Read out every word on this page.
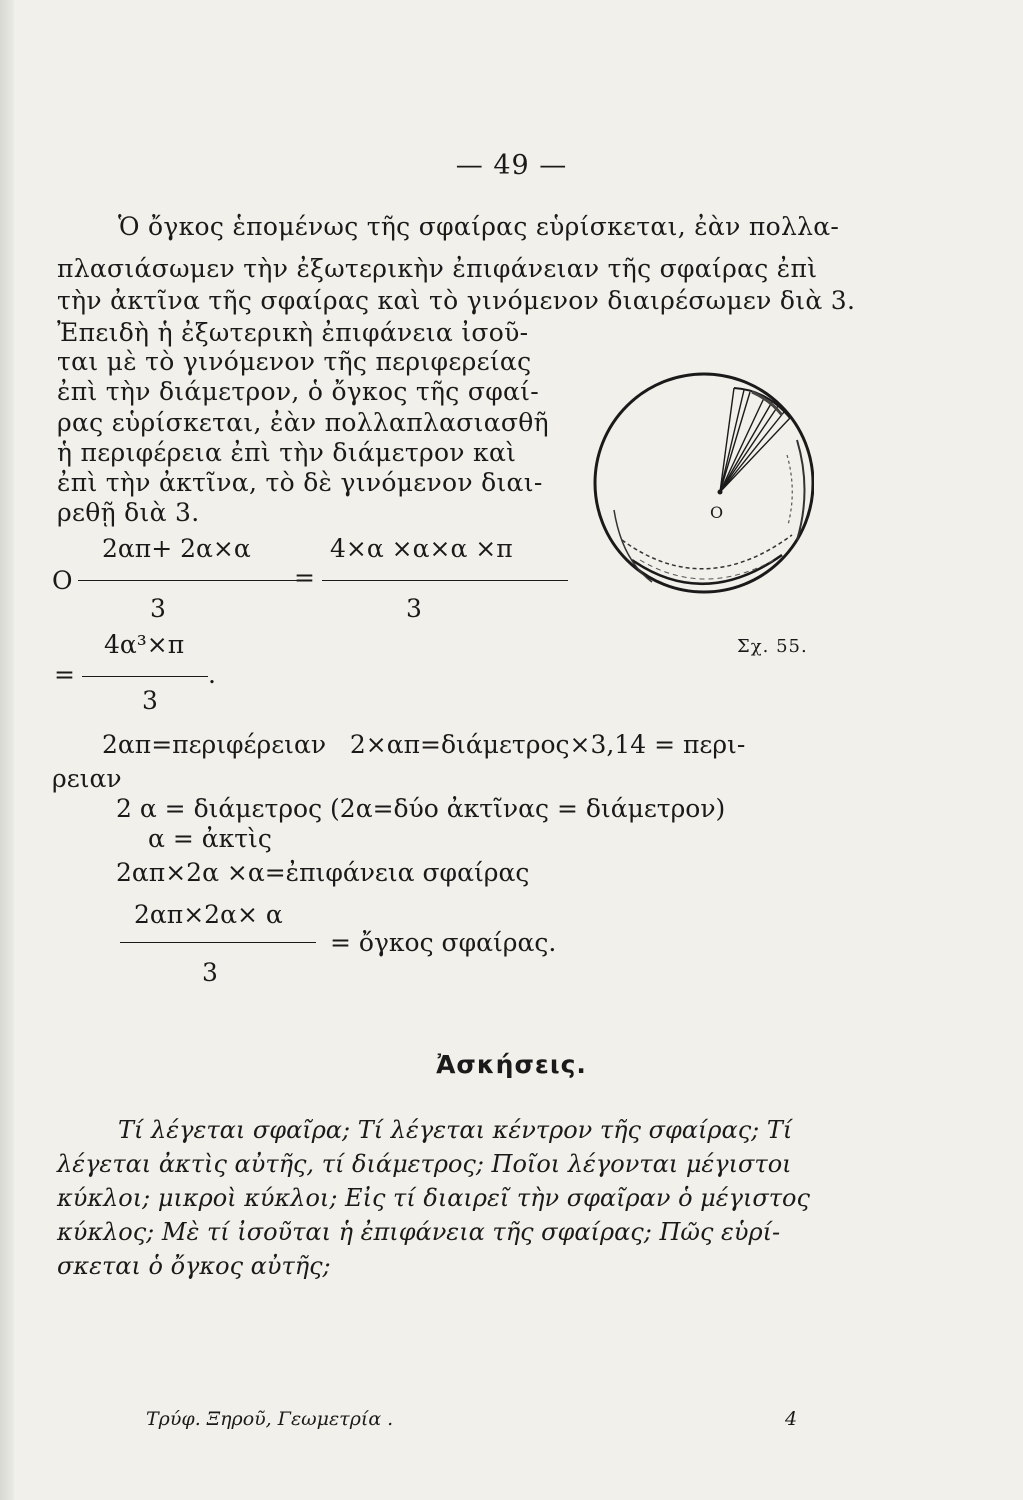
— 49 —
Ὁ ὄγκος ἑπομένως τῆς σφαίρας εὑρίσκεται, ἐὰν πολλα-
πλασιάσωμεν τὴν ἐξωτερικὴν ἐπιφάνειαν τῆς σφαίρας ἐπὶ
τὴν ἀκτῖνα τῆς σφαίρας καὶ τὸ γινόμενον διαιρέσωμεν διὰ 3.
Ἐπειδὴ ἡ ἐξωτερικὴ ἐπιφάνεια ἰσοῦ-
ται μὲ τὸ γινόμενον τῆς περιφερείας
ἐπὶ τὴν διάμετρον, ὁ ὄγκος τῆς σφαί-
ρας εὑρίσκεται, ἐὰν πολλαπλασιασθῆ
ἡ περιφέρεια ἐπὶ τὴν διάμετρον καὶ
ἐπὶ τὴν ἀκτῖνα, τὸ δὲ γινόμενον διαι-
ρεθῇ διὰ 3.
2απ+ 2α×α	4×α ×α×α ×π
Ο	=
3	3
4α³×π
=	.
3
2απ=περιφέρειαν   2×απ=διάμετρος×3,14 = περι-
ρειαν
2 α = διάμετρος (2α=δύο ἀκτῖνας = διάμετρον)
α = ἀκτὶς
2απ×2α ×α=ἐπιφάνεια σφαίρας
2απ×2α× α
= ὄγκος σφαίρας.
3
Ο
Σχ. 55.
Ἀσκήσεις.
Τί λέγεται σφαῖρα; Τί λέγεται κέντρον τῆς σφαίρας; Τί
λέγεται ἀκτὶς αὐτῆς, τί διάμετρος; Ποῖοι λέγονται μέγιστοι
κύκλοι; μικροὶ κύκλοι; Εἰς τί διαιρεῖ τὴν σφαῖραν ὁ μέγιστος
κύκλος; Μὲ τί ἰσοῦται ἡ ἐπιφάνεια τῆς σφαίρας; Πῶς εὑρί-
σκεται ὁ ὄγκος αὐτῆς;
Τρύφ. Ξηροῦ, Γεωμετρία .	4
